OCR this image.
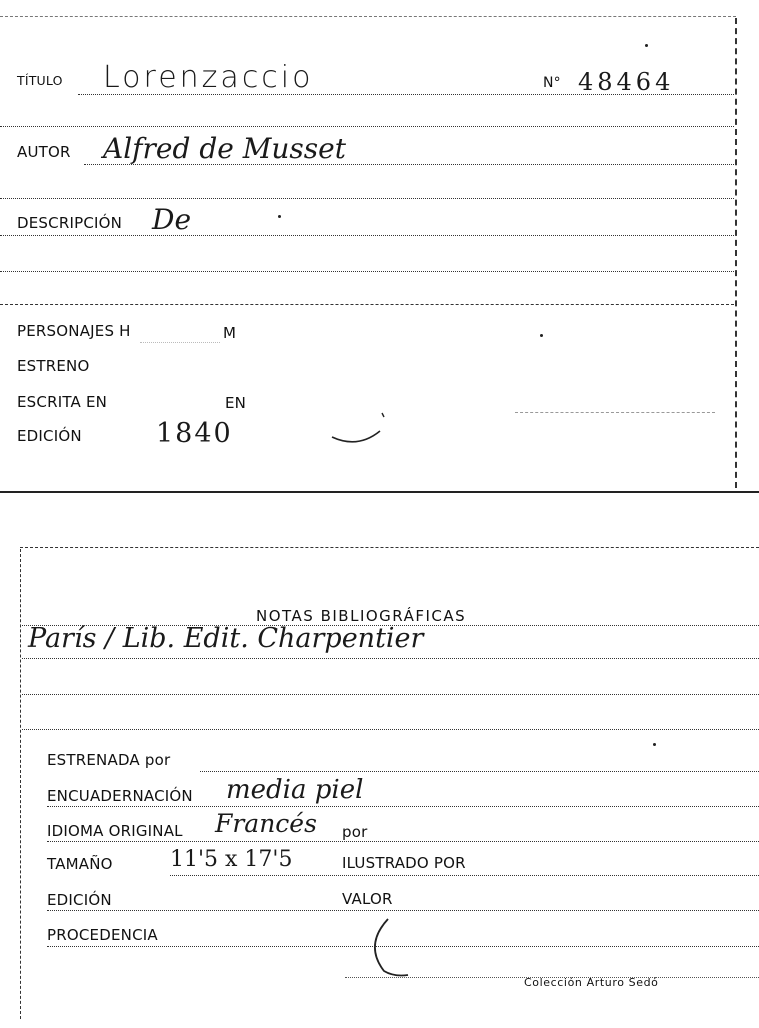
TÍTULO Lorenzaccio	N° 48464
AUTOR Alfred de Musset
DESCRIPCIÓN De
PERSONAJES H	M
ESTRENO
ESCRITA EN	EN
EDICIÓN	1840
NOTAS BIBLIOGRÁFICAS
París / Lib. Edit. Charpentier
ESTRENADA por
ENCUADERNACIÓN media piel
IDIOMA ORIGINAL Francés por
TAMAÑO	11'5 x 17'5	ILUSTRADO POR
EDICIÓN	VALOR
PROCEDENCIA
Colección Arturo Sedó
